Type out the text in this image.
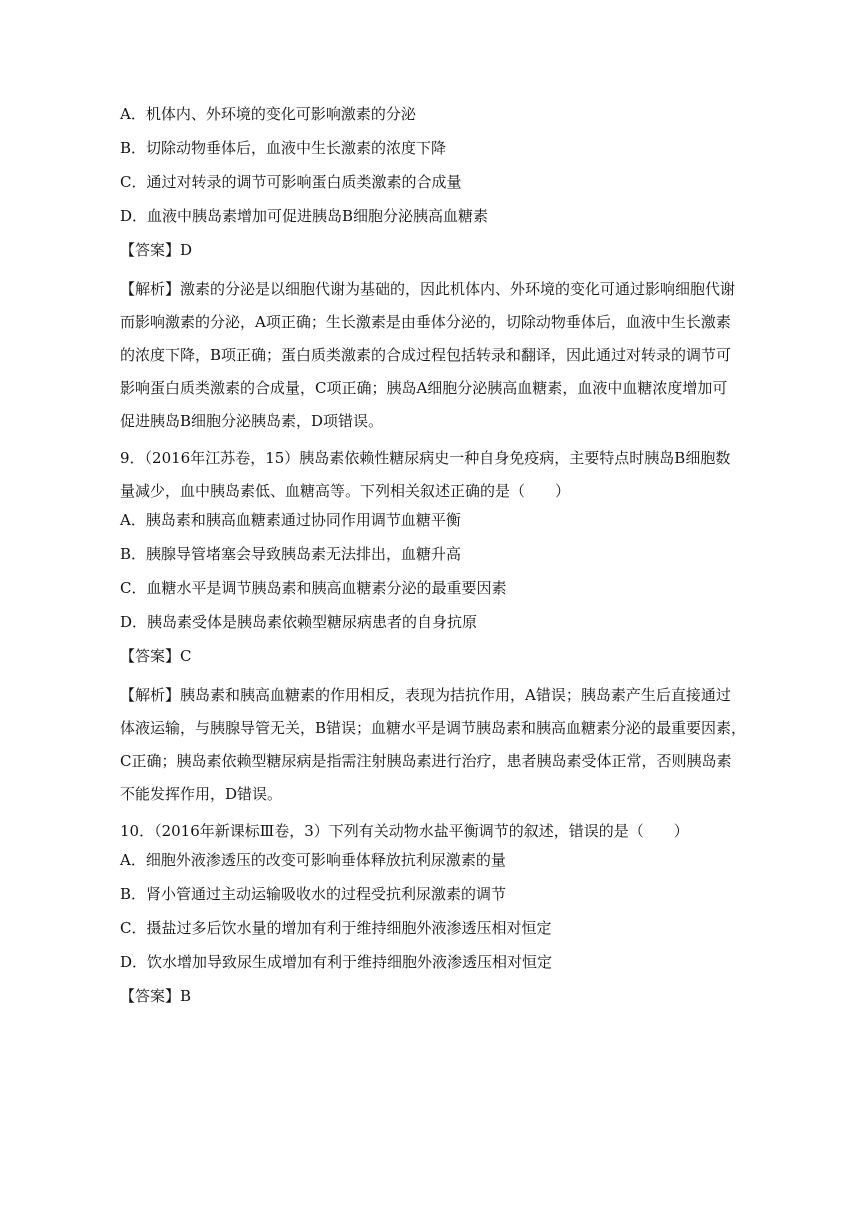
A．机体内、外环境的变化可影响激素的分泌

B．切除动物垂体后，血液中生长激素的浓度下降

C．通过对转录的调节可影响蛋白质类激素的合成量

D．血液中胰岛素增加可促进胰岛B细胞分泌胰高血糖素

【答案】D

【解析】激素的分泌是以细胞代谢为基础的，因此机体内、外环境的变化可通过影响细胞代谢

而影响激素的分泌，A项正确；生长激素是由垂体分泌的，切除动物垂体后，血液中生长激素

的浓度下降，B项正确；蛋白质类激素的合成过程包括转录和翻译，因此通过对转录的调节可

影响蛋白质类激素的合成量，C项正确；胰岛A细胞分泌胰高血糖素，血液中血糖浓度增加可

促进胰岛B细胞分泌胰岛素，D项错误。

9．（2016年江苏卷，15）胰岛素依赖性糖尿病史一种自身免疫病，主要特点时胰岛B细胞数

量减少，血中胰岛素低、血糖高等。下列相关叙述正确的是（　　）

A．胰岛素和胰高血糖素通过协同作用调节血糖平衡

B．胰腺导管堵塞会导致胰岛素无法排出，血糖升高

C．血糖水平是调节胰岛素和胰高血糖素分泌的最重要因素

D．胰岛素受体是胰岛素依赖型糖尿病患者的自身抗原

【答案】C

【解析】胰岛素和胰高血糖素的作用相反，表现为拮抗作用，A错误；胰岛素产生后直接通过

体液运输，与胰腺导管无关，B错误；血糖水平是调节胰岛素和胰高血糖素分泌的最重要因素，

C正确；胰岛素依赖型糖尿病是指需注射胰岛素进行治疗，患者胰岛素受体正常，否则胰岛素

不能发挥作用，D错误。

10．（2016年新课标Ⅲ卷，3）下列有关动物水盐平衡调节的叙述，错误的是（　　）

A．细胞外液渗透压的改变可影响垂体释放抗利尿激素的量

B．肾小管通过主动运输吸收水的过程受抗利尿激素的调节

C．摄盐过多后饮水量的增加有利于维持细胞外液渗透压相对恒定

D．饮水增加导致尿生成增加有利于维持细胞外液渗透压相对恒定

【答案】B
